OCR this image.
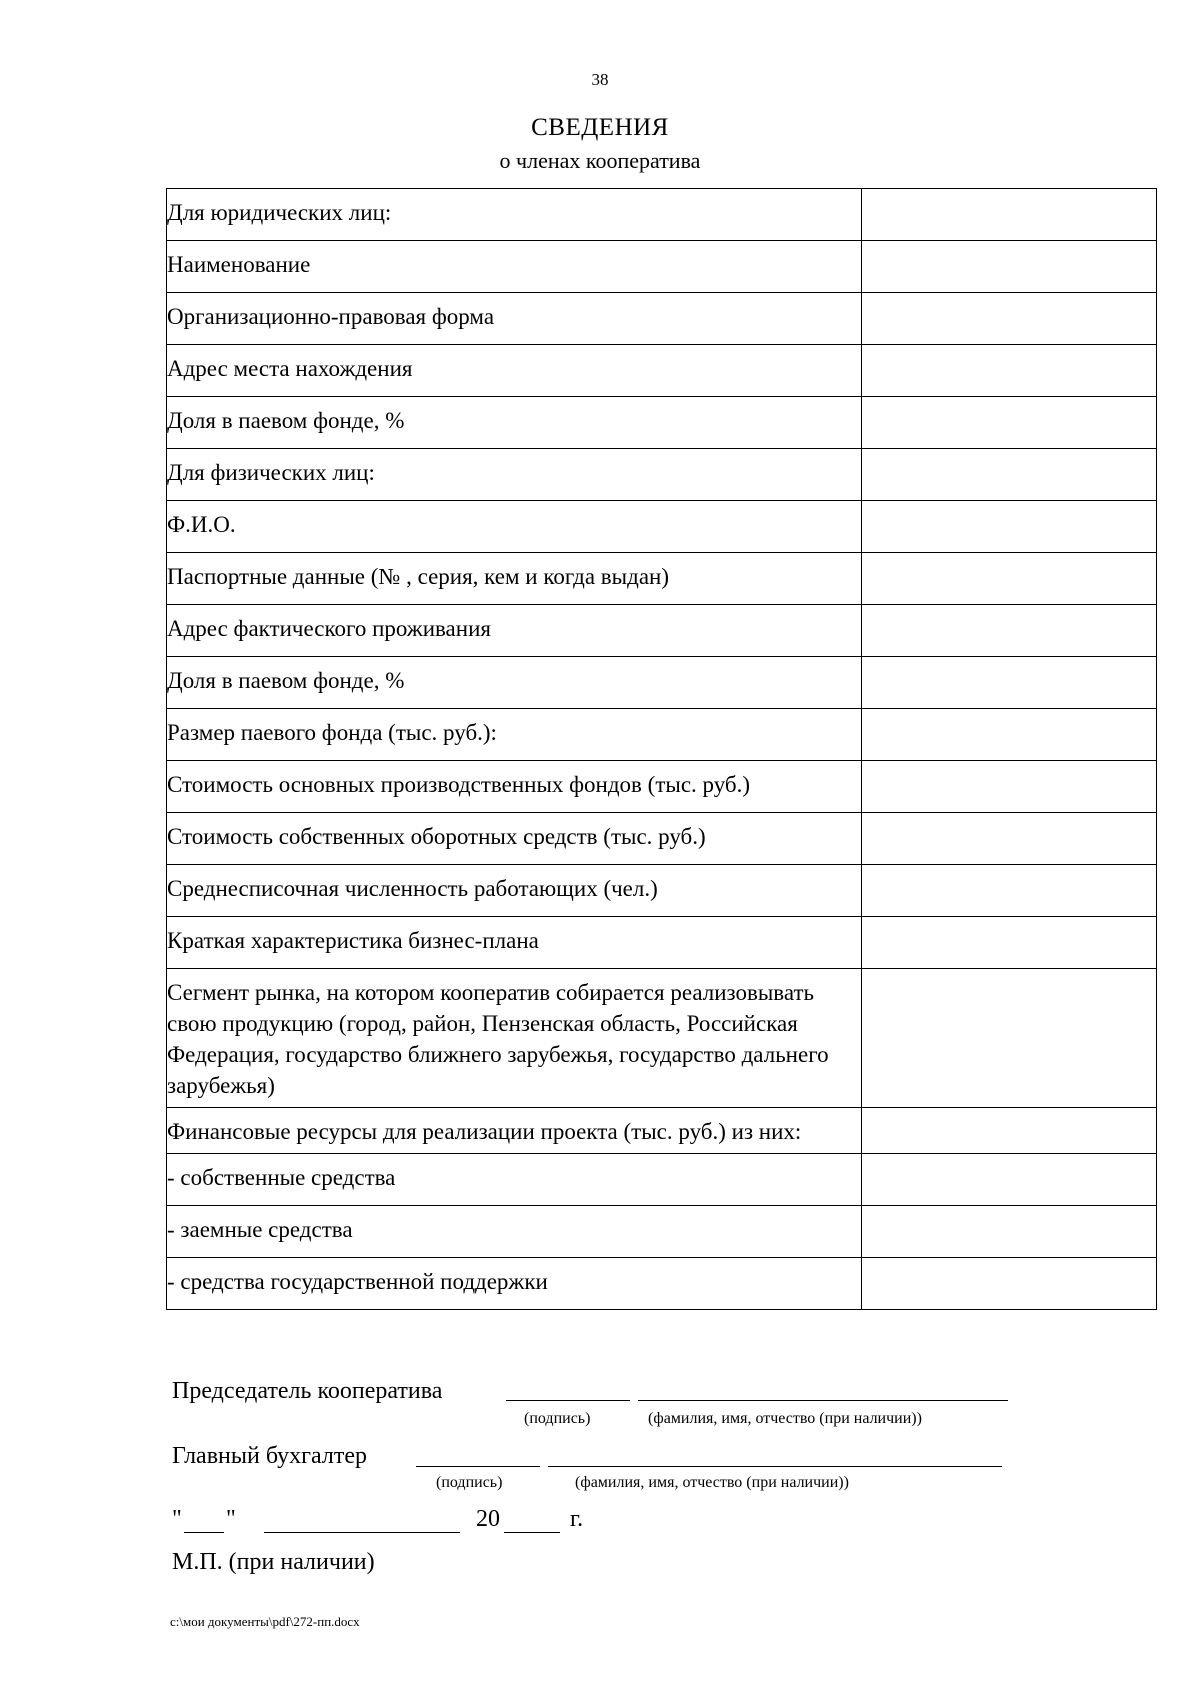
38
СВЕДЕНИЯ
о членах кооператива
Для юридических лиц:	
Наименование	
Организационно-правовая форма	
Адрес места нахождения	
Доля в паевом фонде, %	
Для физических лиц:	
Ф.И.О.	
Паспортные данные (№ , серия, кем и когда выдан)	
Адрес фактического проживания	
Доля в паевом фонде, %	
Размер паевого фонда (тыс. руб.):	
Стоимость основных производственных фондов (тыс. руб.)	
Стоимость собственных оборотных средств (тыс. руб.)	
Среднесписочная численность работающих (чел.)	
Краткая характеристика бизнес-плана	
Сегмент рынка, на котором кооператив собирается реализовывать свою продукцию (город, район, Пензенская область, Российская Федерация, государство ближнего зарубежья, государство дальнего зарубежья)	
Финансовые ресурсы для реализации проекта (тыс. руб.) из них:	
- собственные средства	
- заемные средства	
- средства государственной поддержки	
Председатель кооператива
(подпись)	(фамилия, имя, отчество (при наличии))
Главный бухгалтер
(подпись)	(фамилия, имя, отчество (при наличии))
" "	20	г.
М.П. (при наличии)
c:\мои документы\pdf\272-пп.docx
